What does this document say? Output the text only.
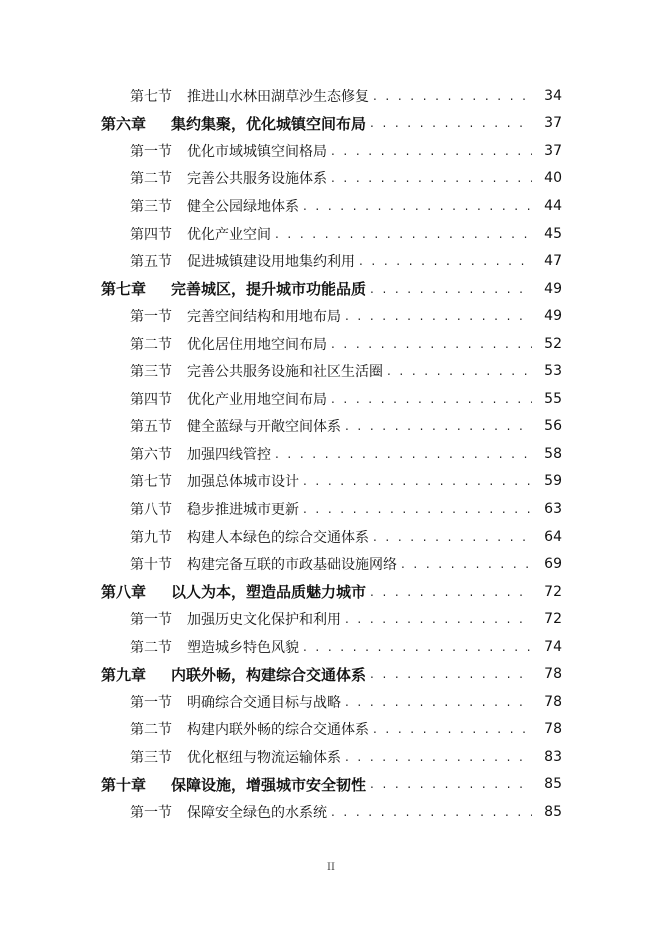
第七节	推进山水林田湖草沙生态修复 . . .	34
第六章	集约集聚，优化城镇空间布局 . . .	37
第一节	优化市域城镇空间格局 . . .	37
第二节	完善公共服务设施体系 . . .	40
第三节	健全公园绿地体系 . . .	44
第四节	优化产业空间 . . .	45
第五节	促进城镇建设用地集约利用 . . .	47
第七章	完善城区，提升城市功能品质 . . .	49
第一节	完善空间结构和用地布局 . . .	49
第二节	优化居住用地空间布局 . . .	52
第三节	完善公共服务设施和社区生活圈 . . .	53
第四节	优化产业用地空间布局 . . .	55
第五节	健全蓝绿与开敞空间体系 . . .	56
第六节	加强四线管控 . . .	58
第七节	加强总体城市设计 . . .	59
第八节	稳步推进城市更新 . . .	63
第九节	构建人本绿色的综合交通体系 . . .	64
第十节	构建完备互联的市政基础设施网络 . . .	69
第八章	以人为本，塑造品质魅力城市 . . .	72
第一节	加强历史文化保护和利用 . . .	72
第二节	塑造城乡特色风貌 . . .	74
第九章	内联外畅，构建综合交通体系 . . .	78
第一节	明确综合交通目标与战略 . . .	78
第二节	构建内联外畅的综合交通体系 . . .	78
第三节	优化枢纽与物流运输体系 . . .	83
第十章	保障设施，增强城市安全韧性 . . .	85
第一节	保障安全绿色的水系统 . . .	85
II
